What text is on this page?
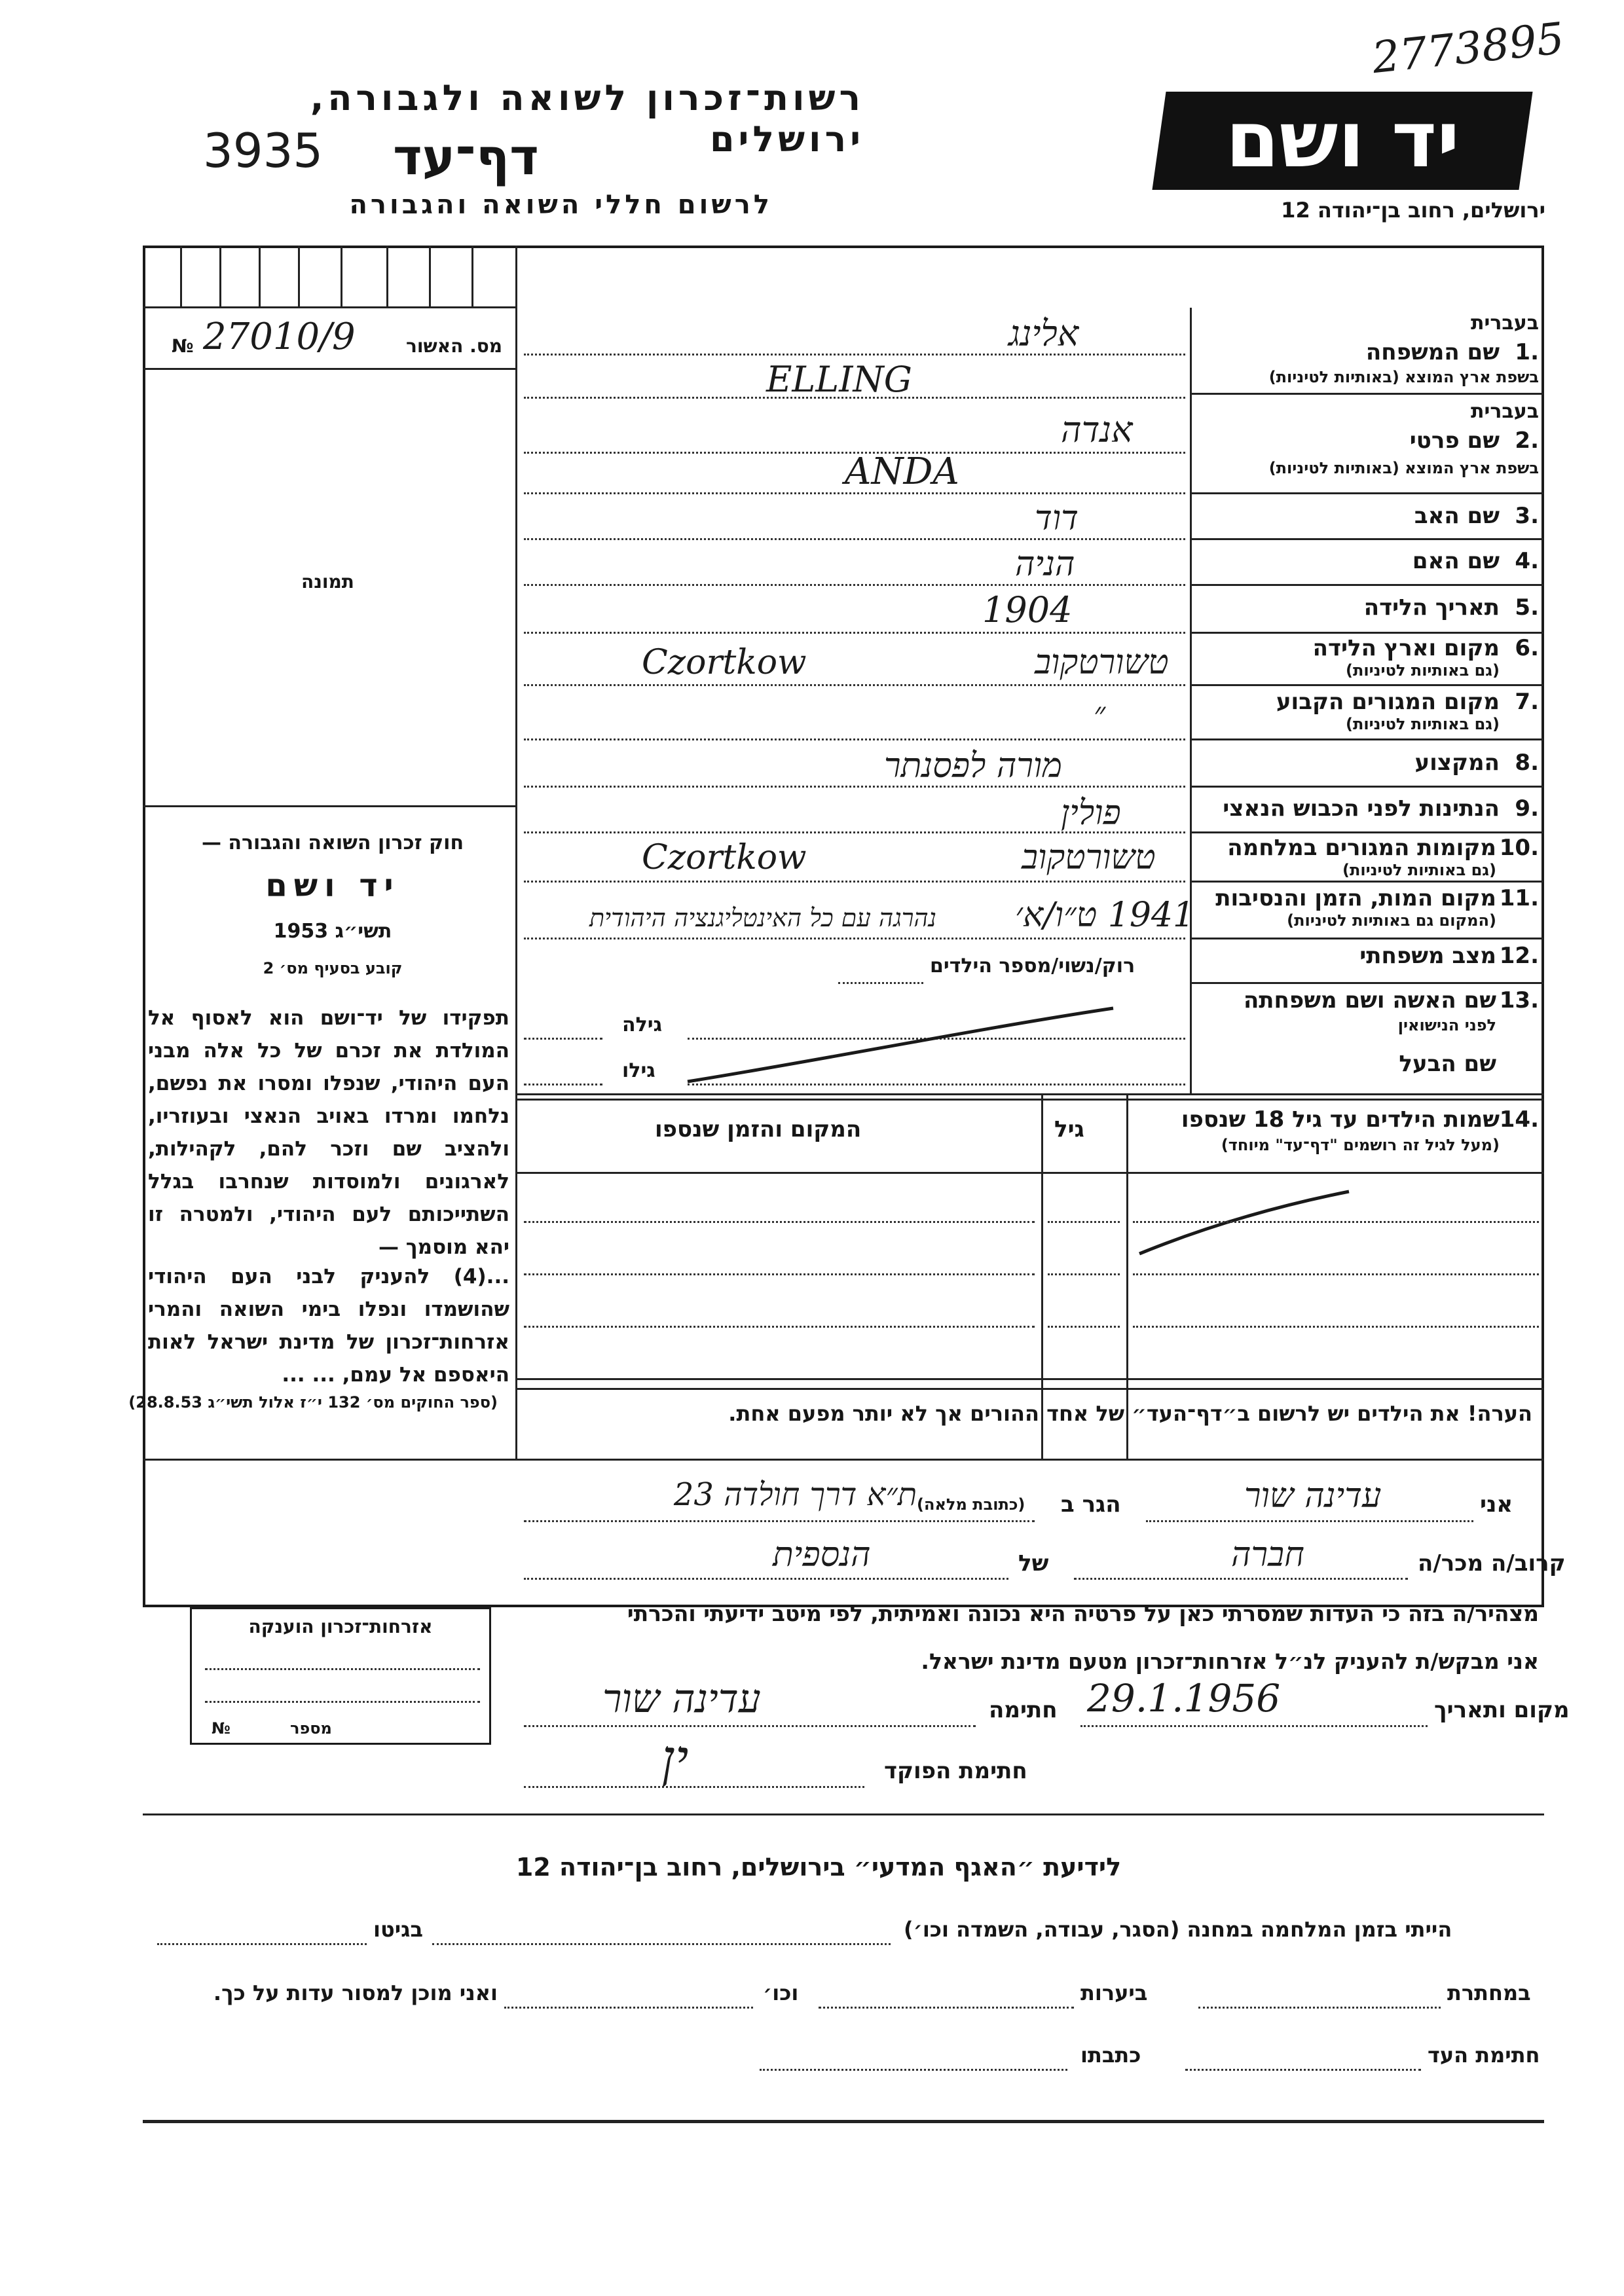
2773895
רשות־זכרון לשואה ולגבורה, ירושלים
3935 דף־עד
לרשום חללי השואה והגבורה
יד ושם
ירושלים, רחוב בן־יהודה 12
מס. האשור
№ 27010/9
תמונה
חוק זכרון השואה והגבורה —
יד ושם
תשי״ג 1953
קובע בסעיף מס׳ 2
תפקידו של יד־ושם הוא לאסוף אל המולדת את זכרם של כל אלה מבני העם היהודי, שנפלו ומסרו את נפשם, נלחמו ומרדו באויב הנאצי ובעוזריו, ולהציב שם וזכר להם, לקהילות, לארגונים ולמוסדות שנחרבו בגלל השתייכותם לעם היהודי, ולמטרה זו יהא מוסמך —
...(4) להעניק לבני העם היהודי שהושמדו ונפלו בימי השואה והמרי אזרחות־זכרון של מדינת ישראל לאות היאספם אל עמם, ... ...
(ספר החוקים מס׳ 132 י״ז אלול תשי״ג 28.8.53)
בעברית
שם המשפחה 1.
בשפת ארץ המוצא (באותיות לטיניות)
בעברית
שם פרטי 2.
בשפת ארץ המוצא (באותיות לטיניות)
שם האב 3.
שם האם 4.
תאריך הלידה 5.
מקום וארץ הלידה 6.
(גם באותיות לטיניות)
מקום המגורים הקבוע 7.
(גם באותיות לטיניות)
המקצוע 8.
הנתינות לפני הכבוש הנאצי 9.
מקומות המגורים במלחמה 10.
(גם באותיות לטיניות)
מקום המות, הזמן והנסיבות 11.
(המקום גם באותיות לטיניות)
מצב משפחתי 12.
שם האשה ושם משפחתה 13.
לפני הנישואין
שם הבעל
אלינג
ELLING
אנדה
ANDA
דוד
הניה
1904
טשורטקוב
Czortkow
״
מורה לפסנתר
פולין
טשורטקוב
Czortkow
1941 ט״ו/א׳
נהרגה עם כל האינטליגנציה היהודית
רוק/נשוי/מספר הילדים
גילה
גילו
שמות הילדים עד גיל 18 שנספו 14.
(מעל לגיל זה רושמים "דף־עד" מיוחד)
גיל
המקום והזמן שנספו
הערה! את הילדים יש לרשום ב״דף־העד״ של אחד ההורים אך לא יותר מפעם אחת.
אני
עדינה שור
הגר ב
(כתובת מלאה)
ת״א דרך חולדה 23
קרוב/ה מכר/ה
חברה
של
הנספית
מצהיר/ה בזה כי העדות שמסרתי כאן על פרטיה היא נכונה ואמיתית, לפי מיטב ידיעתי והכרתי
אני מבקש/ת להעניק לנ״ל אזרחות־זכרון מטעם מדינת ישראל.
מקום ותאריך
29.1.1956
חתימה
עדינה שור
חתימת הפוקד
ין
אזרחות־זכרון הוענקה
מספר
№
לידיעת ״האגף המדעי״ בירושלים, רחוב בן־יהודה 12
הייתי בזמן המלחמה במחנה (הסגר, עבודה, השמדה וכו׳)
בגיטו
במחתרת
ביערות
וכו׳
ואני מוכן למסור עדות על כך.
חתימת העד
כתבתו
